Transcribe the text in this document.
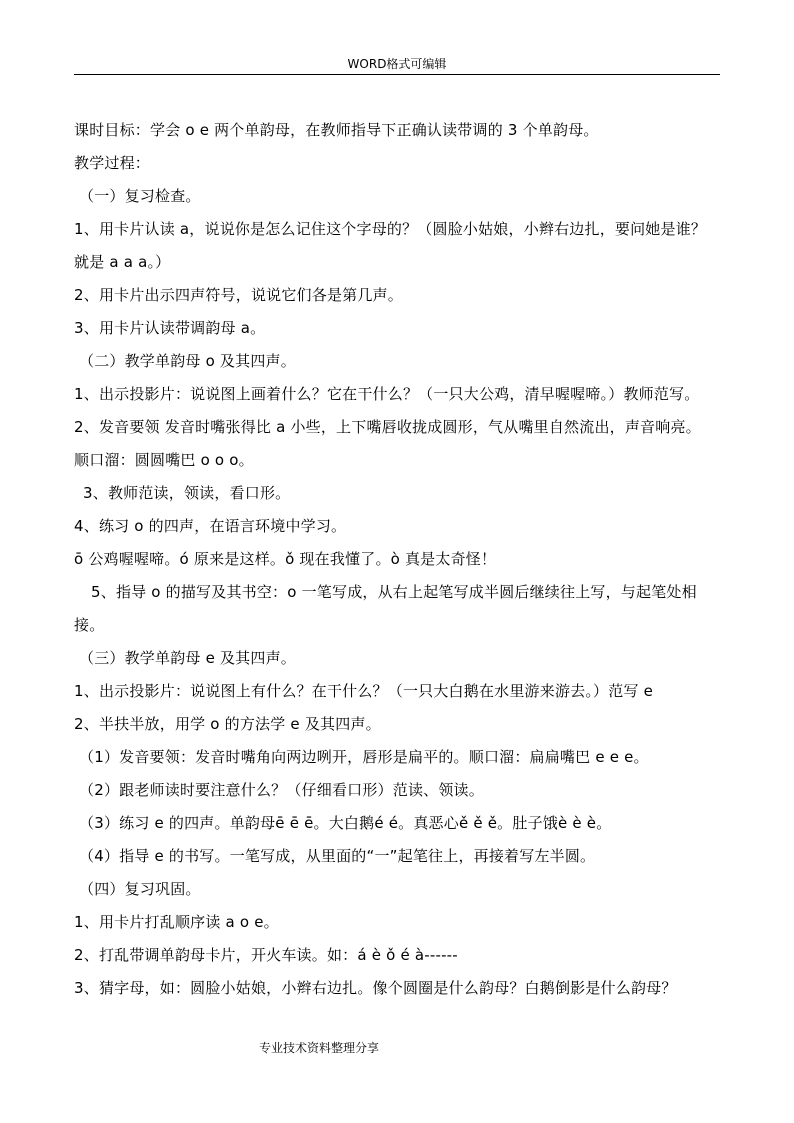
WORD格式可编辑
课时目标：学会 o e 两个单韵母，在教师指导下正确认读带调的 3 个单韵母。
教学过程：
（一）复习检查。
1、用卡片认读 a，说说你是怎么记住这个字母的？（圆脸小姑娘，小辫右边扎，要问她是谁？
就是 a a a。）
2、用卡片出示四声符号，说说它们各是第几声。
3、用卡片认读带调韵母 a。
（二）教学单韵母 o 及其四声。
1、出示投影片：说说图上画着什么？它在干什么？（一只大公鸡，清早喔喔啼。）教师范写。
2、发音要领 发音时嘴张得比 a 小些，上下嘴唇收拢成圆形，气从嘴里自然流出，声音响亮。
顺口溜：圆圆嘴巴 o o o。
3、教师范读，领读，看口形。
4、练习 o 的四声，在语言环境中学习。
ō 公鸡喔喔啼。ó 原来是这样。ǒ 现在我懂了。ò 真是太奇怪！
5、指导 o 的描写及其书空：o 一笔写成，从右上起笔写成半圆后继续往上写，与起笔处相
接。
（三）教学单韵母 e 及其四声。
1、出示投影片：说说图上有什么？在干什么？（一只大白鹅在水里游来游去。）范写 e
2、半扶半放，用学 o 的方法学 e 及其四声。
（1）发音要领：发音时嘴角向两边咧开，唇形是扁平的。顺口溜：扁扁嘴巴 e e e。
（2）跟老师读时要注意什么？（仔细看口形）范读、领读。
（3）练习 e 的四声。单韵母ē ē ē。大白鹅é é。真恶心ě ě ě。肚子饿è è è。
（4）指导 e 的书写。一笔写成，从里面的“一”起笔往上，再接着写左半圆。
（四）复习巩固。
1、用卡片打乱顺序读 a o e。
2、打乱带调单韵母卡片，开火车读。如：á è ǒ é à------
3、猜字母，如：圆脸小姑娘，小辫右边扎。像个圆圈是什么韵母？白鹅倒影是什么韵母？
专业技术资料整理分享
